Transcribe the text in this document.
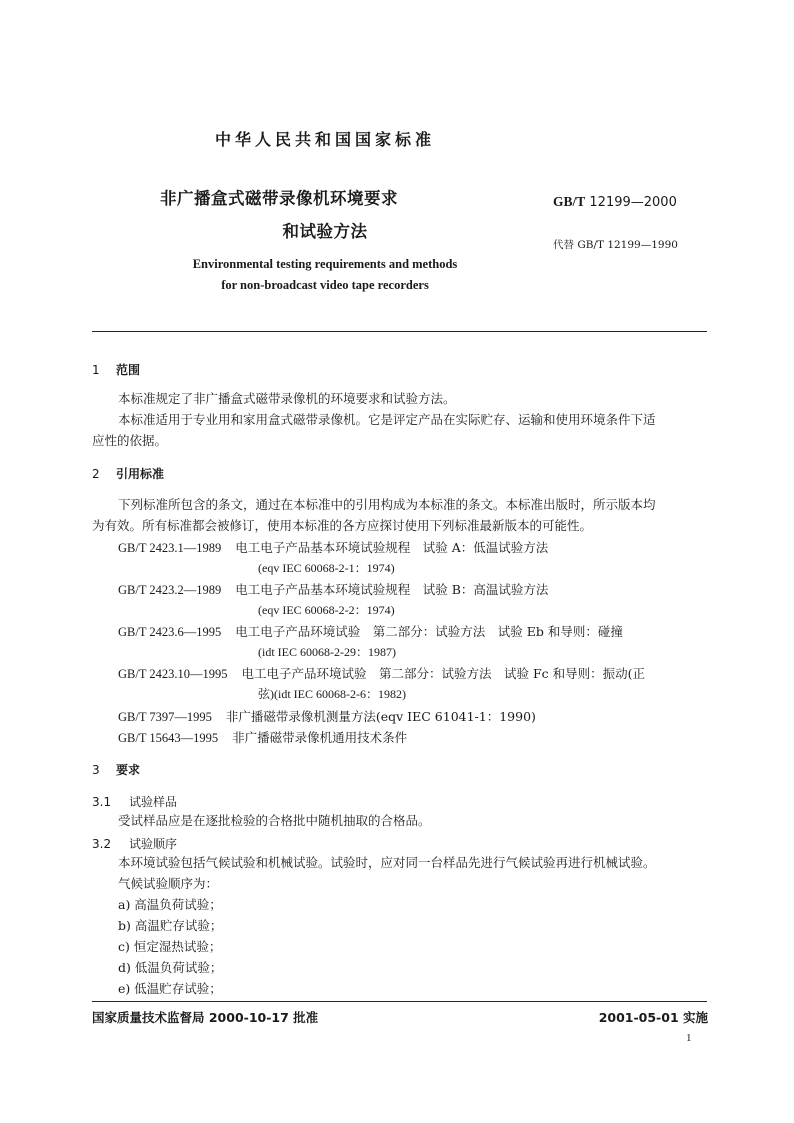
中华人民共和国国家标准
非广播盒式磁带录像机环境要求
和试验方法
GB/T 12199—2000
代替 GB/T 12199—1990
Environmental testing requirements and methods
for non-broadcast video tape recorders
1 范围
本标准规定了非广播盒式磁带录像机的环境要求和试验方法。
本标准适用于专业用和家用盒式磁带录像机。它是评定产品在实际贮存、运输和使用环境条件下适
应性的依据。
2 引用标准
下列标准所包含的条文，通过在本标准中的引用构成为本标准的条文。本标准出版时，所示版本均
为有效。所有标准都会被修订，使用本标准的各方应探讨使用下列标准最新版本的可能性。
GB/T 2423.1—1989 电工电子产品基本环境试验规程　试验 A：低温试验方法
(eqv IEC 60068-2-1：1974)
GB/T 2423.2—1989 电工电子产品基本环境试验规程　试验 B：高温试验方法
(eqv IEC 60068-2-2：1974)
GB/T 2423.6—1995 电工电子产品环境试验　第二部分：试验方法　试验 Eb 和导则：碰撞
(idt IEC 60068-2-29：1987)
GB/T 2423.10—1995 电工电子产品环境试验　第二部分：试验方法　试验 Fc 和导则：振动(正
弦)(idt IEC 60068-2-6：1982)
GB/T 7397—1995 非广播磁带录像机测量方法(eqv IEC 61041-1：1990)
GB/T 15643—1995 非广播磁带录像机通用技术条件
3 要求
3.1 试验样品
受试样品应是在逐批检验的合格批中随机抽取的合格品。
3.2 试验顺序
本环境试验包括气候试验和机械试验。试验时，应对同一台样品先进行气候试验再进行机械试验。
气候试验顺序为：
a) 高温负荷试验；
b) 高温贮存试验；
c) 恒定湿热试验；
d) 低温负荷试验；
e) 低温贮存试验；
国家质量技术监督局 2000-10-17 批准	2001-05-01 实施
1
